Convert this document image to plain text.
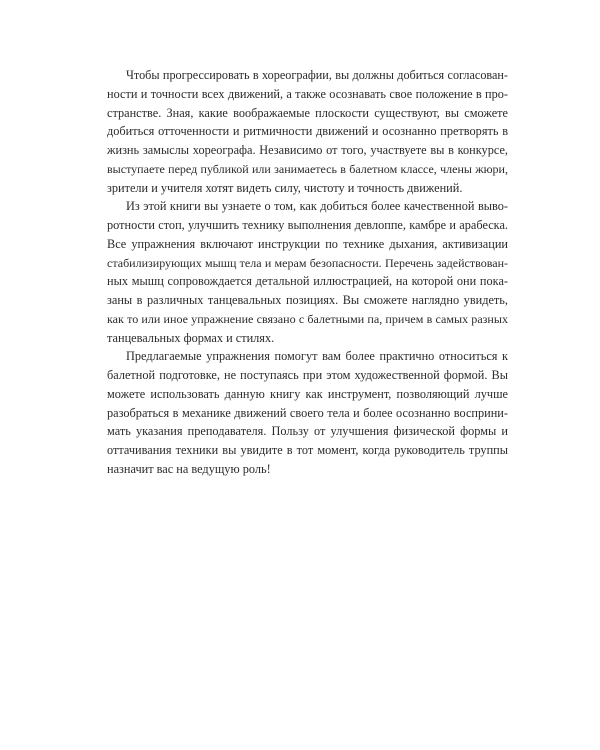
Чтобы прогрессировать в хореографии, вы должны добиться согласован-
ности и точности всех движений, а также осознавать свое положение в про-
странстве. Зная, какие воображаемые плоскости существуют, вы сможете
добиться отточенности и ритмичности движений и осознанно претворять в
жизнь замыслы хореографа. Независимо от того, участвуете вы в конкурсе,
выступаете перед публикой или занимаетесь в балетном классе, члены жюри,
зрители и учителя хотят видеть силу, чистоту и точность движений.

Из этой книги вы узнаете о том, как добиться более качественной выво-
ротности стоп, улучшить технику выполнения девлоппе, камбре и арабеска.
Все упражнения включают инструкции по технике дыхания, активизации
стабилизирующих мышц тела и мерам безопасности. Перечень задействован-
ных мышц сопровождается детальной иллюстрацией, на которой они пока-
заны в различных танцевальных позициях. Вы сможете наглядно увидеть,
как то или иное упражнение связано с балетными па, причем в самых разных
танцевальных формах и стилях.

Предлагаемые упражнения помогут вам более практично относиться к
балетной подготовке, не поступаясь при этом художественной формой. Вы
можете использовать данную книгу как инструмент, позволяющий лучше
разобраться в механике движений своего тела и более осознанно восприни-
мать указания преподавателя. Пользу от улучшения физической формы и
оттачивания техники вы увидите в тот момент, когда руководитель труппы
назначит вас на ведущую роль!
